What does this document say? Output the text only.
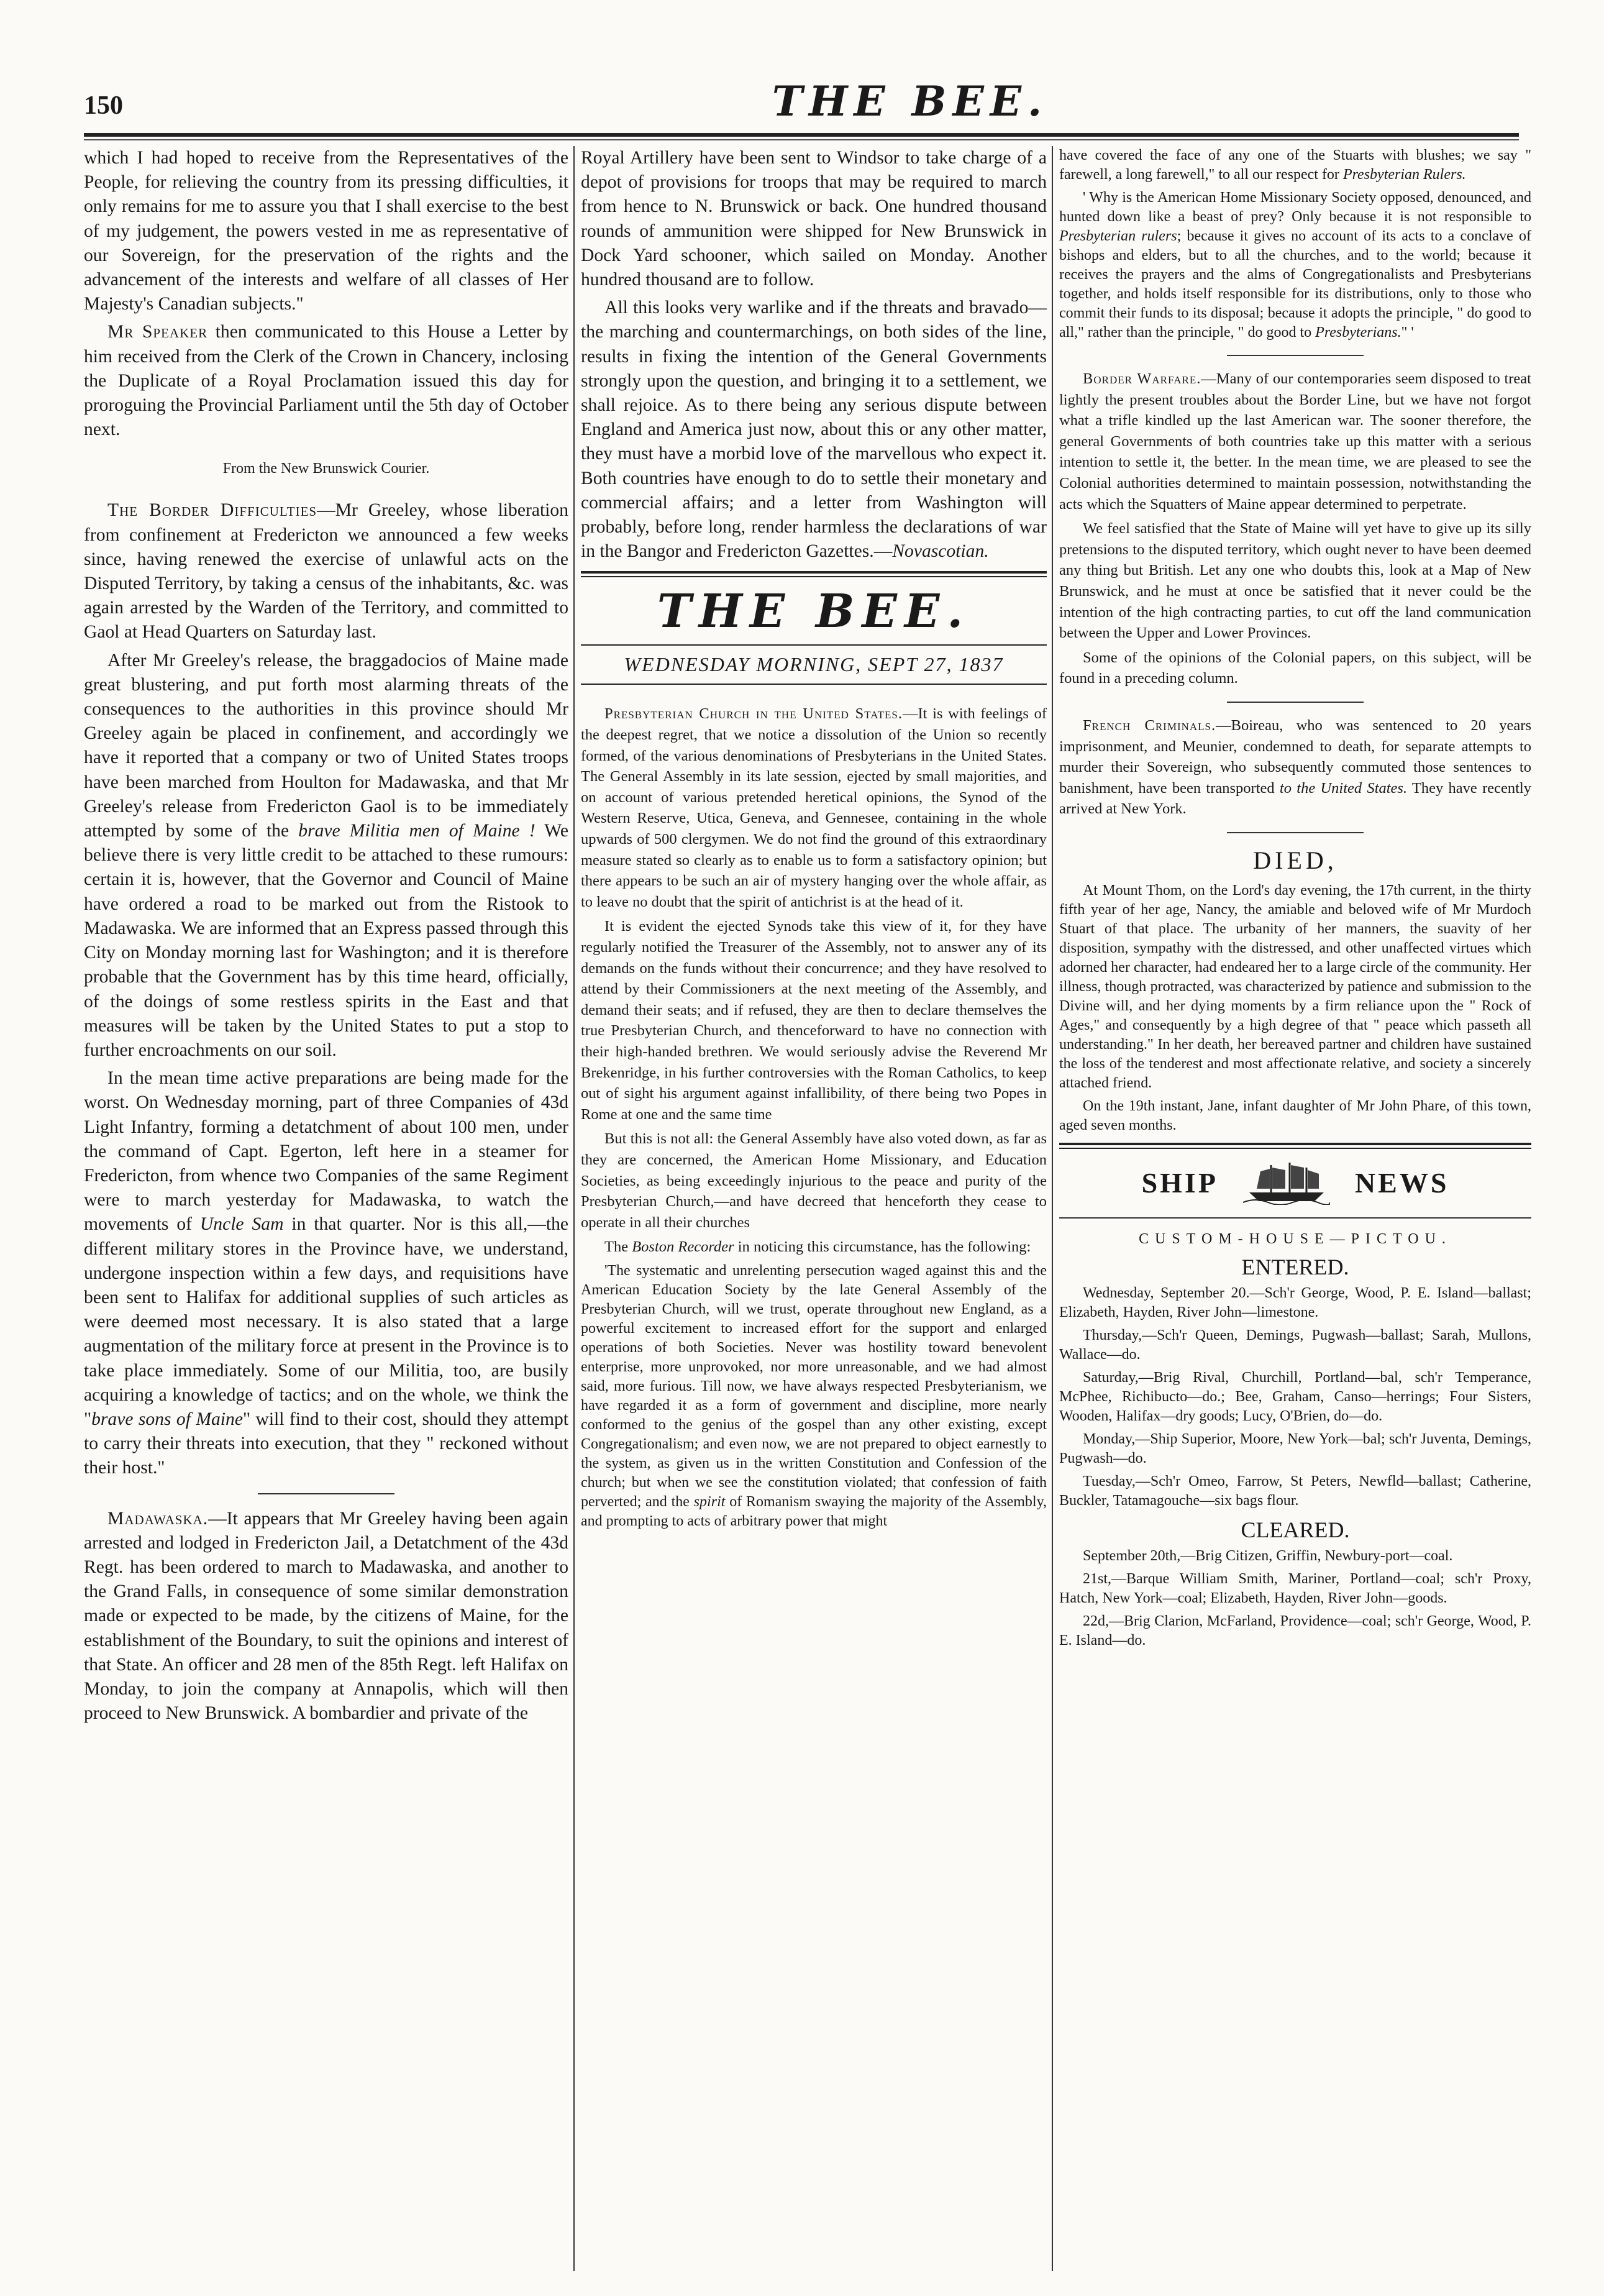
150	THE BEE.

which I had hoped to receive from the Representatives of the People, for relieving the country from its pressing difficulties, it only remains for me to assure you that I shall exercise to the best of my judgement, the powers vested in me as representative of our Sovereign, for the preservation of the rights and the advancement of the interests and welfare of all classes of Her Majesty's Canadian subjects."

Mr Speaker then communicated to this House a Letter by him received from the Clerk of the Crown in Chancery, inclosing the Duplicate of a Royal Proclamation issued this day for proroguing the Provincial Parliament until the 5th day of October next.

From the New Brunswick Courier.

The Border Difficulties—Mr Greeley, whose liberation from confinement at Fredericton we announced a few weeks since, having renewed the exercise of unlawful acts on the Disputed Territory, by taking a census of the inhabitants, &c. was again arrested by the Warden of the Territory, and committed to Gaol at Head Quarters on Saturday last.

After Mr Greeley's release, the braggadocios of Maine made great blustering, and put forth most alarming threats of the consequences to the authorities in this province should Mr Greeley again be placed in confinement, and accordingly we have it reported that a company or two of United States troops have been marched from Houlton for Madawaska, and that Mr Greeley's release from Fredericton Gaol is to be immediately attempted by some of the brave Militia men of Maine ! We believe there is very little credit to be attached to these rumours: certain it is, however, that the Governor and Council of Maine have ordered a road to be marked out from the Ristook to Madawaska. We are informed that an Express passed through this City on Monday morning last for Washington; and it is therefore probable that the Government has by this time heard, officially, of the doings of some restless spirits in the East and that measures will be taken by the United States to put a stop to further encroachments on our soil.

In the mean time active preparations are being made for the worst. On Wednesday morning, part of three Companies of 43d Light Infantry, forming a detatchment of about 100 men, under the command of Capt. Egerton, left here in a steamer for Fredericton, from whence two Companies of the same Regiment were to march yesterday for Madawaska, to watch the movements of Uncle Sam in that quarter. Nor is this all,—the different military stores in the Province have, we understand, undergone inspection within a few days, and requisitions have been sent to Halifax for additional supplies of such articles as were deemed most necessary. It is also stated that a large augmentation of the military force at present in the Province is to take place immediately. Some of our Militia, too, are busily acquiring a knowledge of tactics; and on the whole, we think the "brave sons of Maine" will find to their cost, should they attempt to carry their threats into execution, that they " reckoned without their host."

Madawaska.—It appears that Mr Greeley having been again arrested and lodged in Fredericton Jail, a Detatchment of the 43d Regt. has been ordered to march to Madawaska, and another to the Grand Falls, in consequence of some similar demonstration made or expected to be made, by the citizens of Maine, for the establishment of the Boundary, to suit the opinions and interest of that State. An officer and 28 men of the 85th Regt. left Halifax on Monday, to join the company at Annapolis, which will then proceed to New Brunswick. A bombardier and private of the

Royal Artillery have been sent to Windsor to take charge of a depot of provisions for troops that may be required to march from hence to N. Brunswick or back. One hundred thousand rounds of ammunition were shipped for New Brunswick in Dock Yard schooner, which sailed on Monday. Another hundred thousand are to follow.

All this looks very warlike and if the threats and bravado—the marching and countermarchings, on both sides of the line, results in fixing the intention of the General Governments strongly upon the question, and bringing it to a settlement, we shall rejoice. As to there being any serious dispute between England and America just now, about this or any other matter, they must have a morbid love of the marvellous who expect it. Both countries have enough to do to settle their monetary and commercial affairs; and a letter from Washington will probably, before long, render harmless the declarations of war in the Bangor and Fredericton Gazettes.—Novascotian.

THE BEE.
WEDNESDAY MORNING, SEPT 27, 1837

Presbyterian Church in the United States.—It is with feelings of the deepest regret, that we notice a dissolution of the Union so recently formed, of the various denominations of Presbyterians in the United States. The General Assembly in its late session, ejected by small majorities, and on account of various pretended heretical opinions, the Synod of the Western Reserve, Utica, Geneva, and Gennesee, containing in the whole upwards of 500 clergymen. We do not find the ground of this extraordinary measure stated so clearly as to enable us to form a satisfactory opinion; but there appears to be such an air of mystery hanging over the whole affair, as to leave no doubt that the spirit of antichrist is at the head of it.

It is evident the ejected Synods take this view of it, for they have regularly notified the Treasurer of the Assembly, not to answer any of its demands on the funds without their concurrence; and they have resolved to attend by their Commissioners at the next meeting of the Assembly, and demand their seats; and if refused, they are then to declare themselves the true Presbyterian Church, and thenceforward to have no connection with their high-handed brethren. We would seriously advise the Reverend Mr Brekenridge, in his further controversies with the Roman Catholics, to keep out of sight his argument against infallibility, of there being two Popes in Rome at one and the same time

But this is not all: the General Assembly have also voted down, as far as they are concerned, the American Home Missionary, and Education Societies, as being exceedingly injurious to the peace and purity of the Presbyterian Church,—and have decreed that henceforth they cease to operate in all their churches

The Boston Recorder in noticing this circumstance, has the following:

'The systematic and unrelenting persecution waged against this and the American Education Society by the late General Assembly of the Presbyterian Church, will we trust, operate throughout new England, as a powerful excitement to increased effort for the support and enlarged operations of both Societies. Never was hostility toward benevolent enterprise, more unprovoked, nor more unreasonable, and we had almost said, more furious. Till now, we have always respected Presbyterianism, we have regarded it as a form of government and discipline, more nearly conformed to the genius of the gospel than any other existing, except Congregationalism; and even now, we are not prepared to object earnestly to the system, as given us in the written Constitution and Confession of the church; but when we see the constitution violated; that confession of faith perverted; and the spirit of Romanism swaying the majority of the Assembly, and prompting to acts of arbitrary power that might

have covered the face of any one of the Stuarts with blushes; we say " farewell, a long farewell," to all our respect for Presbyterian Rulers.

' Why is the American Home Missionary Society opposed, denounced, and hunted down like a beast of prey? Only because it is not responsible to Presbyterian rulers; because it gives no account of its acts to a conclave of bishops and elders, but to all the churches, and to the world; because it receives the prayers and the alms of Congregationalists and Presbyterians together, and holds itself responsible for its distributions, only to those who commit their funds to its disposal; because it adopts the principle, " do good to all," rather than the principle, " do good to Presbyterians." '

Border Warfare.—Many of our contemporaries seem disposed to treat lightly the present troubles about the Border Line, but we have not forgot what a trifle kindled up the last American war. The sooner therefore, the general Governments of both countries take up this matter with a serious intention to settle it, the better. In the mean time, we are pleased to see the Colonial authorities determined to maintain possession, notwithstanding the acts which the Squatters of Maine appear determined to perpetrate.

We feel satisfied that the State of Maine will yet have to give up its silly pretensions to the disputed territory, which ought never to have been deemed any thing but British. Let any one who doubts this, look at a Map of New Brunswick, and he must at once be satisfied that it never could be the intention of the high contracting parties, to cut off the land communication between the Upper and Lower Provinces.

Some of the opinions of the Colonial papers, on this subject, will be found in a preceding column.

French Criminals.—Boireau, who was sentenced to 20 years imprisonment, and Meunier, condemned to death, for separate attempts to murder their Sovereign, who subsequently commuted those sentences to banishment, have been transported to the United States. They have recently arrived at New York.

DIED,

At Mount Thom, on the Lord's day evening, the 17th current, in the thirty fifth year of her age, Nancy, the amiable and beloved wife of Mr Murdoch Stuart of that place. The urbanity of her manners, the suavity of her disposition, sympathy with the distressed, and other unaffected virtues which adorned her character, had endeared her to a large circle of the community. Her illness, though protracted, was characterized by patience and submission to the Divine will, and her dying moments by a firm reliance upon the " Rock of Ages," and consequently by a high degree of that " peace which passeth all understanding." In her death, her bereaved partner and children have sustained the loss of the tenderest and most affectionate relative, and society a sincerely attached friend.

On the 19th instant, Jane, infant daughter of Mr John Phare, of this town, aged seven months.

SHIP	NEWS
CUSTOM-HOUSE—PICTOU.
ENTERED.

Wednesday, September 20.—Sch'r George, Wood, P. E. Island—ballast; Elizabeth, Hayden, River John—limestone.

Thursday,—Sch'r Queen, Demings, Pugwash—ballast; Sarah, Mullons, Wallace—do.

Saturday,—Brig Rival, Churchill, Portland—bal, sch'r Temperance, McPhee, Richibucto—do.; Bee, Graham, Canso—herrings; Four Sisters, Wooden, Halifax—dry goods; Lucy, O'Brien, do—do.

Monday,—Ship Superior, Moore, New York—bal; sch'r Juventa, Demings, Pugwash—do.

Tuesday,—Sch'r Omeo, Farrow, St Peters, Newfld—ballast; Catherine, Buckler, Tatamagouche—six bags flour.

CLEARED.

September 20th,—Brig Citizen, Griffin, Newbury-port—coal.

21st,—Barque William Smith, Mariner, Portland—coal; sch'r Proxy, Hatch, New York—coal; Elizabeth, Hayden, River John—goods.

22d,—Brig Clarion, McFarland, Providence—coal; sch'r George, Wood, P. E. Island—do.
